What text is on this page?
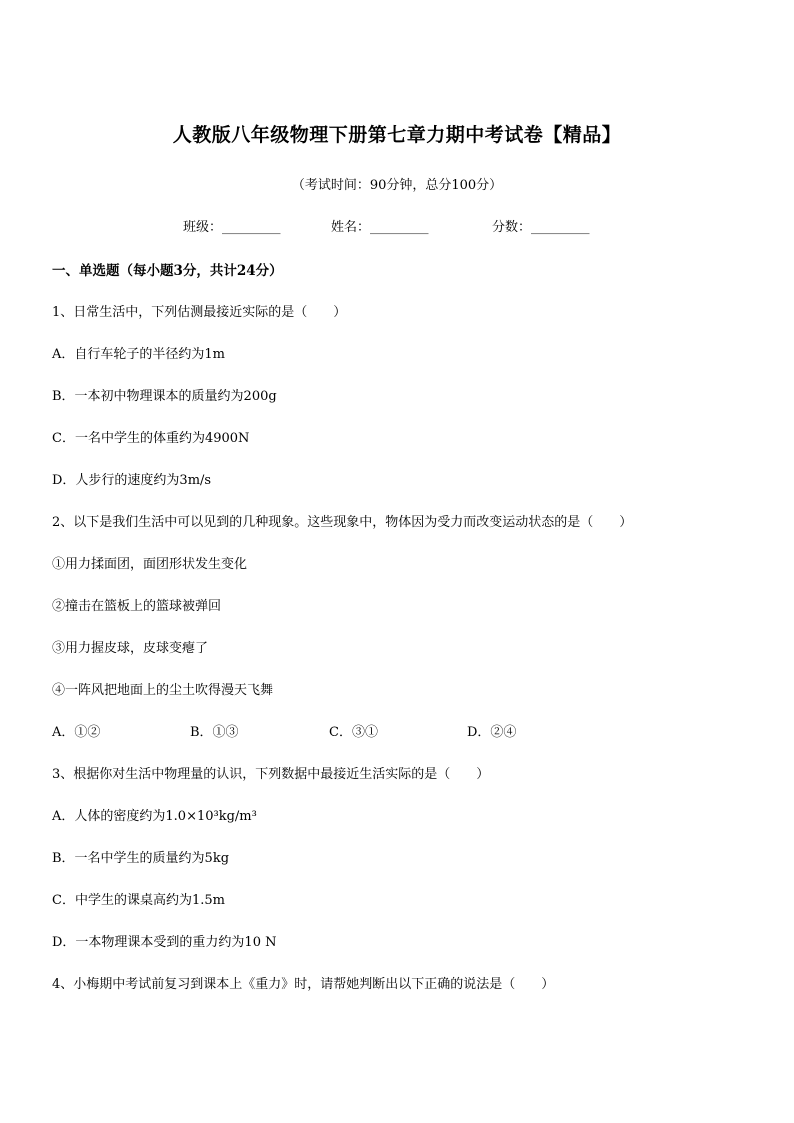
人教版八年级物理下册第七章力期中考试卷【精品】
（考试时间：90分钟，总分100分）
班级：_________	姓名：_________	分数：_________
一、单选题（每小题3分，共计24分）
1、日常生活中，下列估测最接近实际的是（　　）
A．自行车轮子的半径约为1m
B．一本初中物理课本的质量约为200g
C．一名中学生的体重约为4900N
D．人步行的速度约为3m/s
2、以下是我们生活中可以见到的几种现象。这些现象中，物体因为受力而改变运动状态的是（　　）
①用力揉面团，面团形状发生变化
②撞击在篮板上的篮球被弹回
③用力握皮球，皮球变瘪了
④一阵风把地面上的尘土吹得漫天飞舞
A．①②	B．①③	C．③①	D．②④
3、根据你对生活中物理量的认识，下列数据中最接近生活实际的是（　　）
A．人体的密度约为1.0×10³kg/m³
B．一名中学生的质量约为5kg
C．中学生的课桌高约为1.5m
D．一本物理课本受到的重力约为10 N
4、小梅期中考试前复习到课本上《重力》时，请帮她判断出以下正确的说法是（　　）
